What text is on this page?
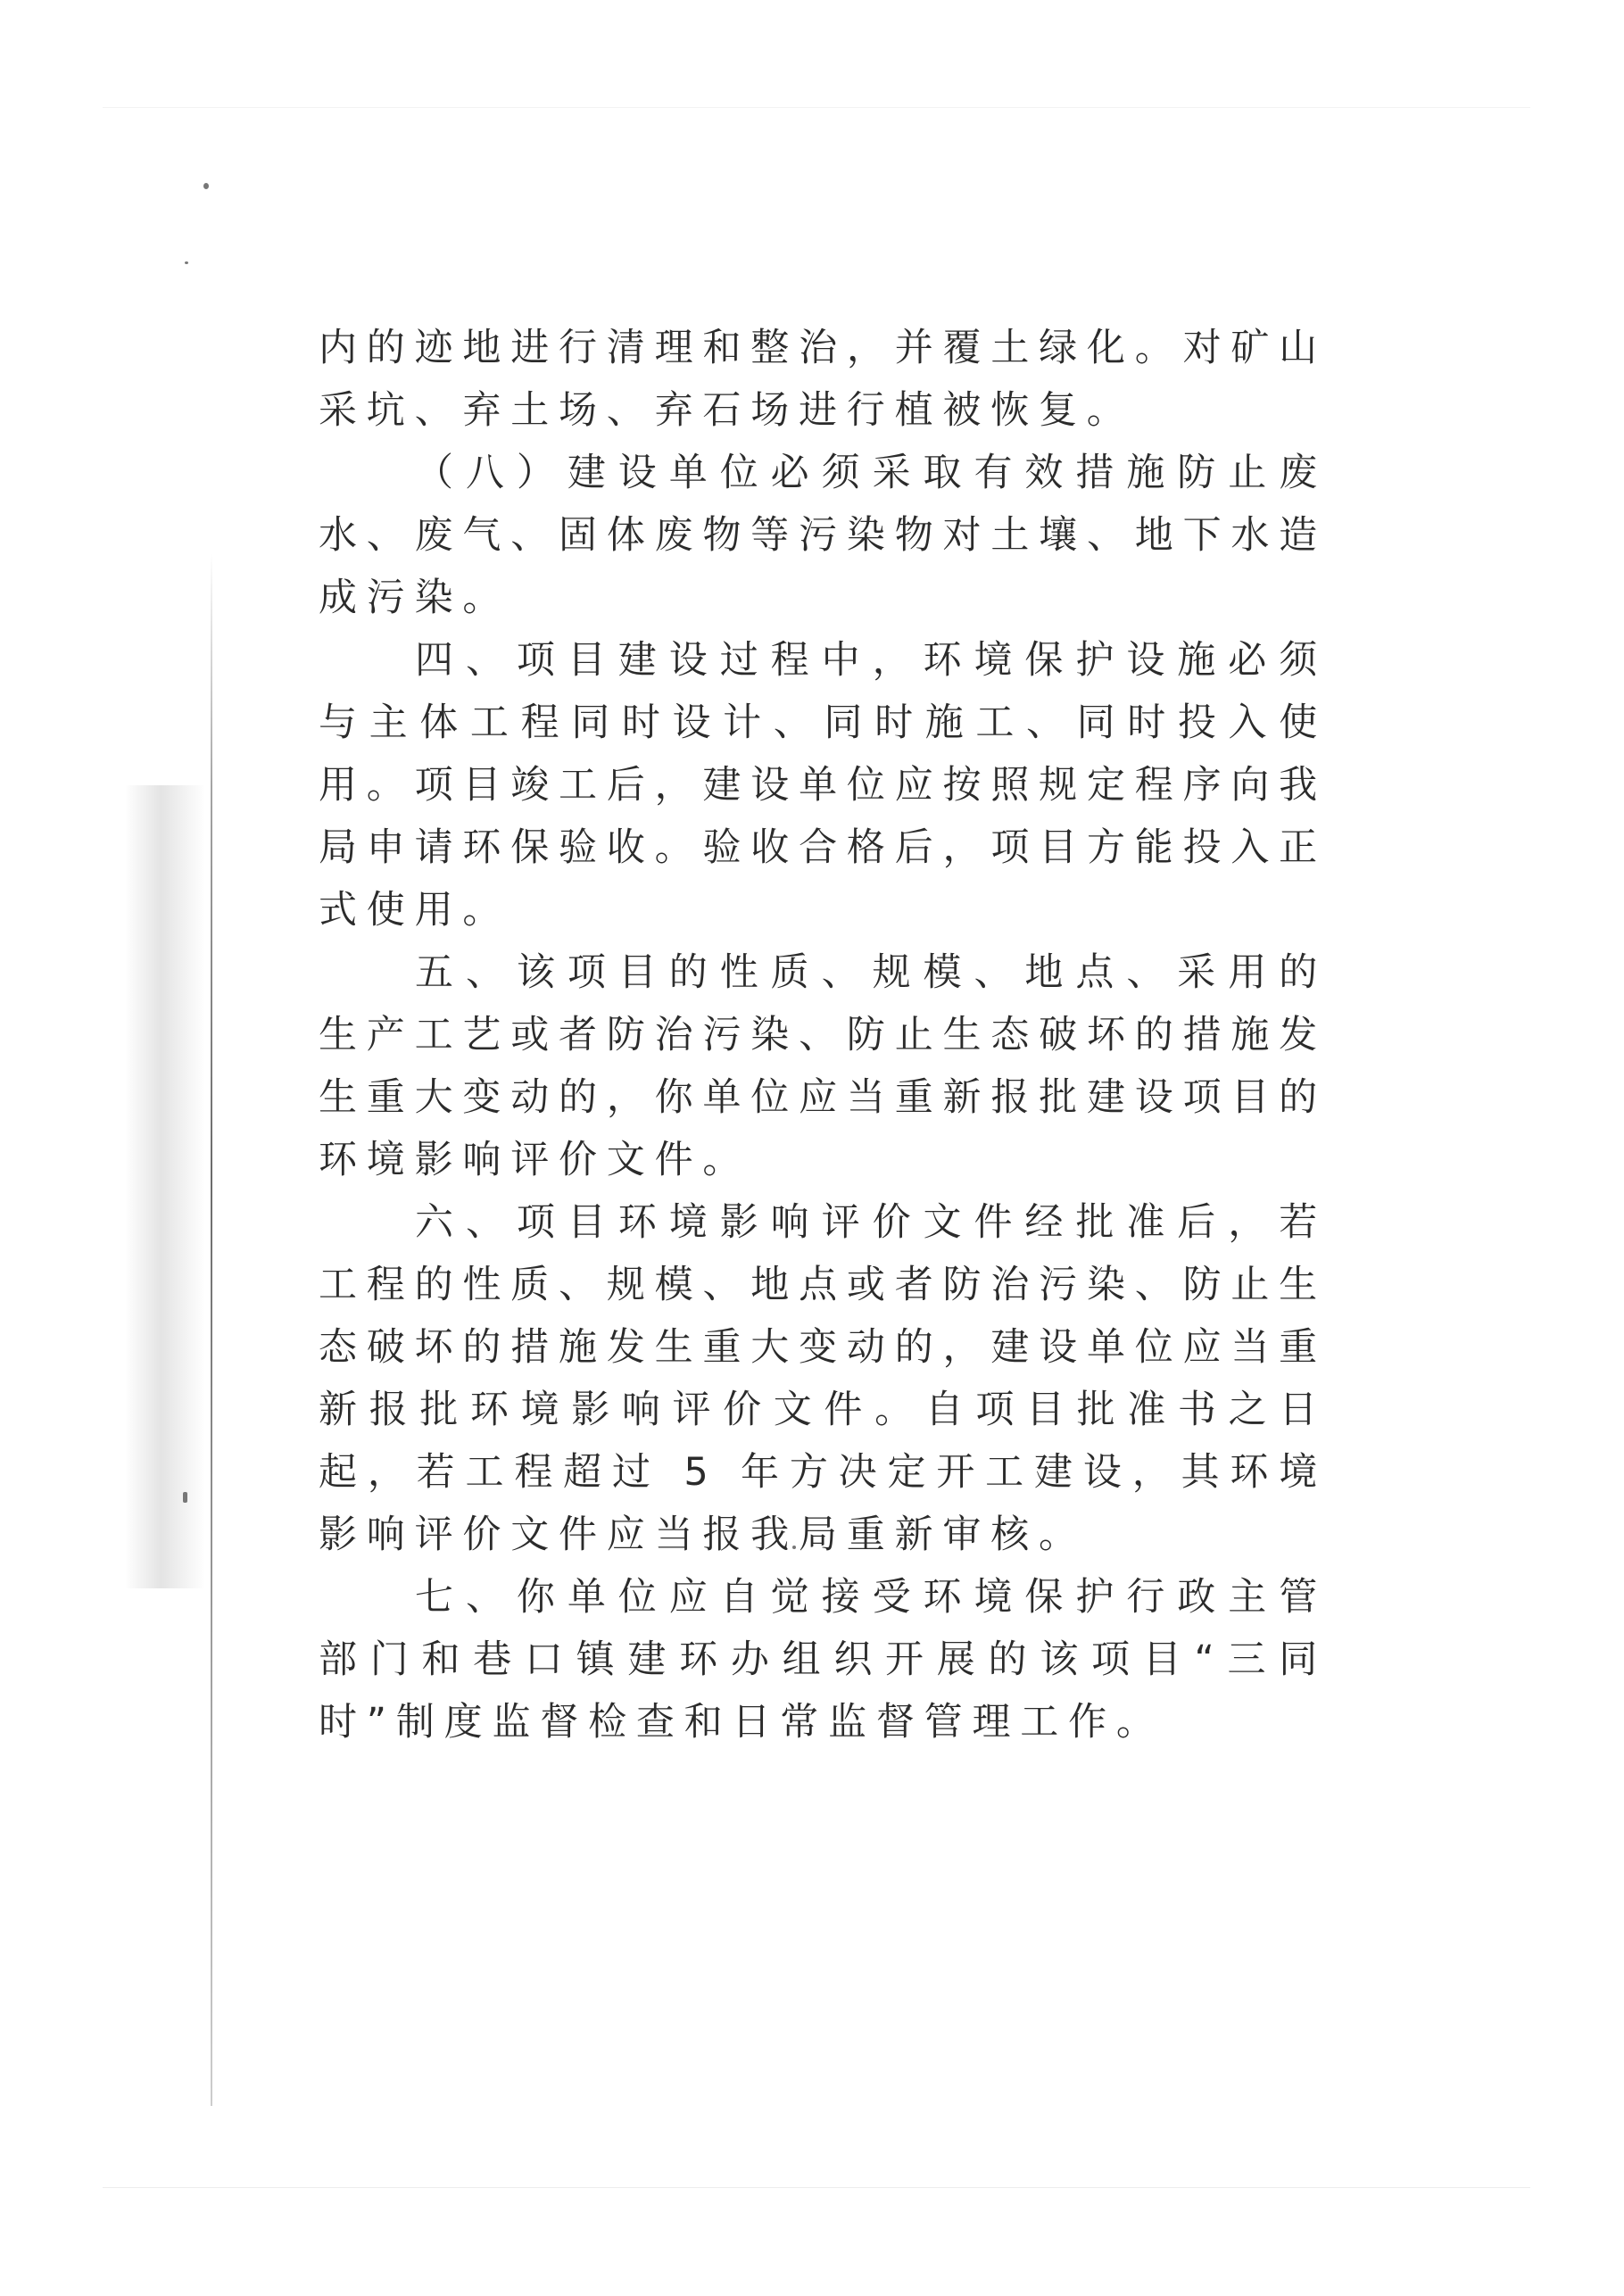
内的迹地进行清理和整治，并覆土绿化。对矿山采坑、弃土场、弃石场进行植被恢复。

（八）建设单位必须采取有效措施防止废水、废气、固体废物等污染物对土壤、地下水造成污染。

四、项目建设过程中，环境保护设施必须与主体工程同时设计、同时施工、同时投入使用。项目竣工后，建设单位应按照规定程序向我局申请环保验收。验收合格后，项目方能投入正式使用。

五、该项目的性质、规模、地点、采用的生产工艺或者防治污染、防止生态破坏的措施发生重大变动的，你单位应当重新报批建设项目的环境影响评价文件。

六、项目环境影响评价文件经批准后，若工程的性质、规模、地点或者防治污染、防止生态破坏的措施发生重大变动的，建设单位应当重新报批环境影响评价文件。自项目批准书之日起，若工程超过 5 年方决定开工建设，其环境影响评价文件应当报我局重新审核。

七、你单位应自觉接受环境保护行政主管部门和巷口镇建环办组织开展的该项目“三同时”制度监督检查和日常监督管理工作。
